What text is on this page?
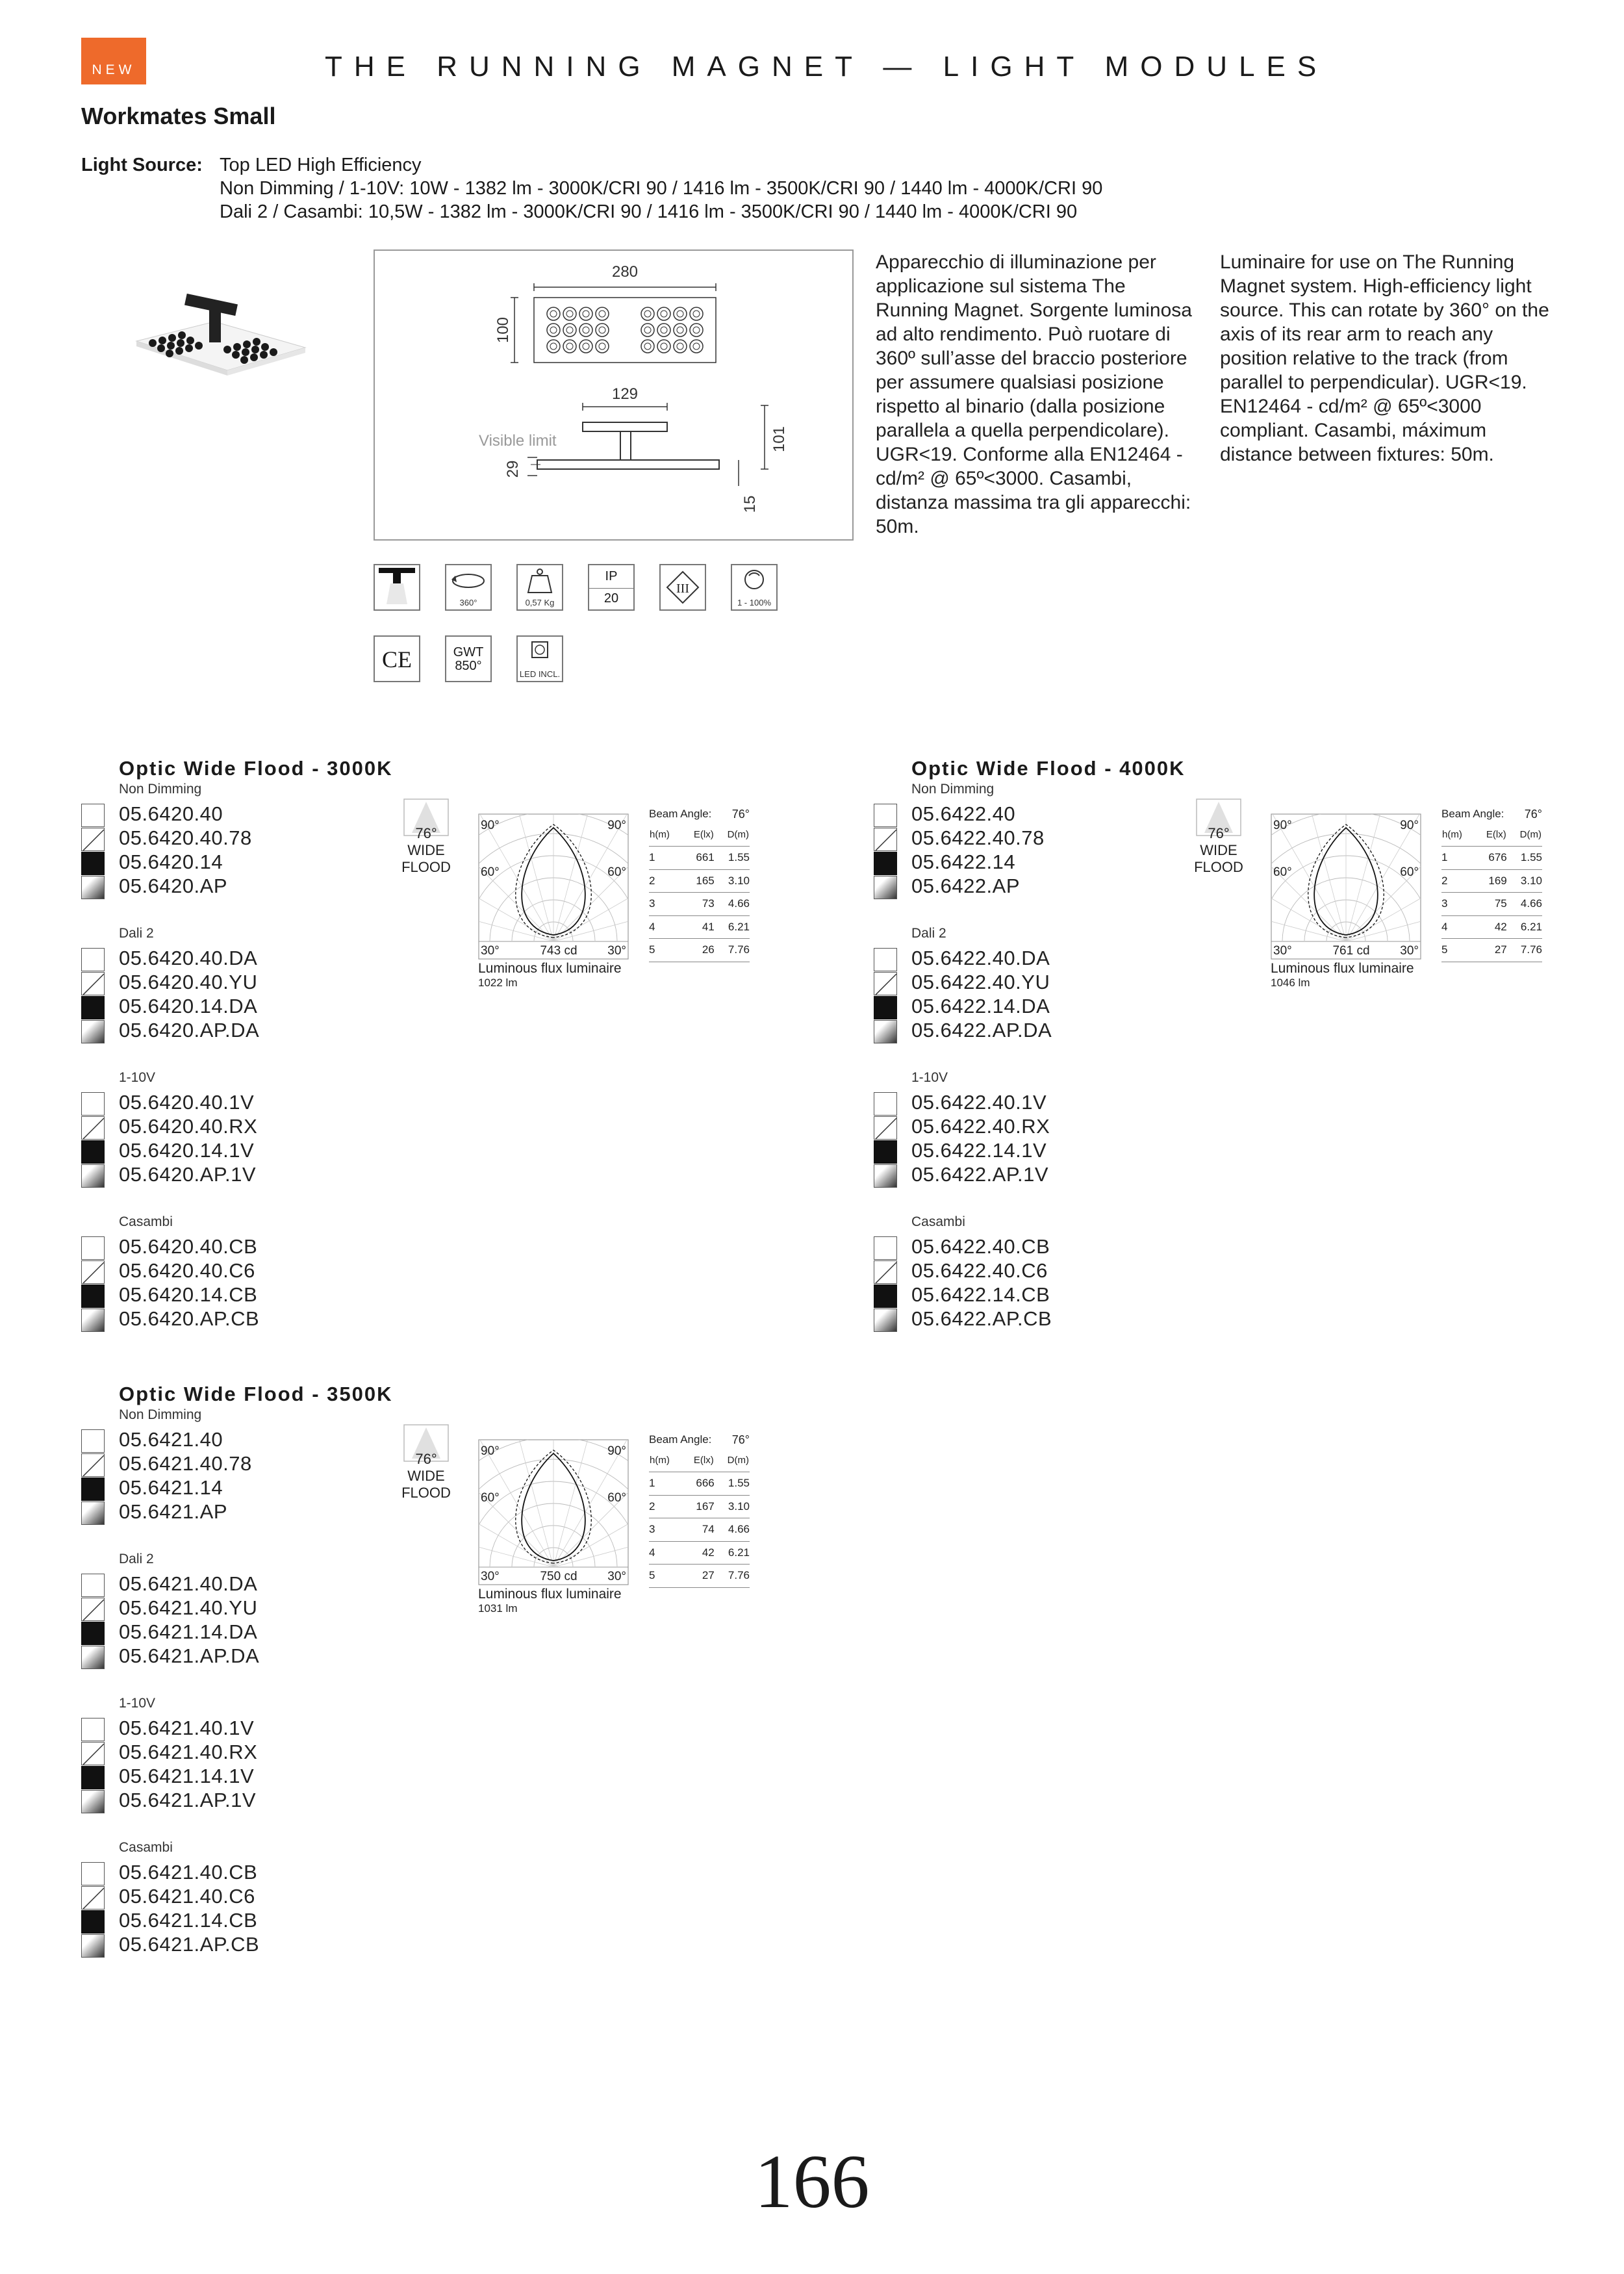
NEW	THE RUNNING MAGNET — LIGHT MODULES
Workmates Small
Light Source: Top LED High Efficiency
Non Dimming / 1-10V: 10W - 1382 lm - 3000K/CRI 90 / 1416 lm - 3500K/CRI 90 / 1440 lm - 4000K/CRI 90
Dali 2 / Casambi: 10,5W - 1382 lm - 3000K/CRI 90 / 1416 lm - 3500K/CRI 90 / 1440 lm - 4000K/CRI 90
280
100
129
Visible limit
29
101
15
Apparecchio di illuminazione per applicazione sul sistema The Running Magnet. Sorgente luminosa ad alto rendimento. Può ruotare di 360º sull’asse del braccio posteriore per assumere qualsiasi posizione rispetto al binario (dalla posizione parallela a quella perpendicolare). UGR<19. Conforme alla EN12464 - cd/m² @ 65º<3000. Casambi, distanza massima tra gli apparecchi: 50m.
Luminaire for use on The Running Magnet system. High-efficiency light source. This can rotate by 360° on the axis of its rear arm to reach any position relative to the track (from parallel to perpendicular). UGR<19. EN12464 - cd/m² @ 65º<3000 compliant. Casambi, máximum distance between fixtures: 50m.
360°	0,57 Kg
IP
20
III
1 - 100%
CE	GWT
850°
LED INCL.
Optic Wide Flood - 3000K
Non Dimming
05.6420.40
05.6420.40.78
05.6420.14
05.6420.AP
Dali 2
05.6420.40.DA
05.6420.40.YU
05.6420.14.DA
05.6420.AP.DA
1-10V
05.6420.40.1V
05.6420.40.RX
05.6420.14.1V
05.6420.AP.1V
Casambi
05.6420.40.CB
05.6420.40.C6
05.6420.14.CB
05.6420.AP.CB
76°
WIDE
FLOOD
90°	90°
60°	60°
30°	30°
743 cd
Luminous flux luminaire
1022 lm
Beam Angle: 76°
h(m)	E(lx)	D(m)
1	661	1.55
2	165	3.10
3	73	4.66
4	41	6.21
5	26	7.76
Optic Wide Flood - 4000K
Non Dimming
05.6422.40
05.6422.40.78
05.6422.14
05.6422.AP
Dali 2
05.6422.40.DA
05.6422.40.YU
05.6422.14.DA
05.6422.AP.DA
1-10V
05.6422.40.1V
05.6422.40.RX
05.6422.14.1V
05.6422.AP.1V
Casambi
05.6422.40.CB
05.6422.40.C6
05.6422.14.CB
05.6422.AP.CB
76°
WIDE
FLOOD
90°	90°
60°	60°
30°	30°
761 cd
Luminous flux luminaire
1046 lm
Beam Angle: 76°
h(m)	E(lx)	D(m)
1	676	1.55
2	169	3.10
3	75	4.66
4	42	6.21
5	27	7.76
Optic Wide Flood - 3500K
Non Dimming
05.6421.40
05.6421.40.78
05.6421.14
05.6421.AP
Dali 2
05.6421.40.DA
05.6421.40.YU
05.6421.14.DA
05.6421.AP.DA
1-10V
05.6421.40.1V
05.6421.40.RX
05.6421.14.1V
05.6421.AP.1V
Casambi
05.6421.40.CB
05.6421.40.C6
05.6421.14.CB
05.6421.AP.CB
76°
WIDE
FLOOD
90°	90°
60°	60°
30°	30°
750 cd
Luminous flux luminaire
1031 lm
Beam Angle: 76°
h(m)	E(lx)	D(m)
1	666	1.55
2	167	3.10
3	74	4.66
4	42	6.21
5	27	7.76
166
